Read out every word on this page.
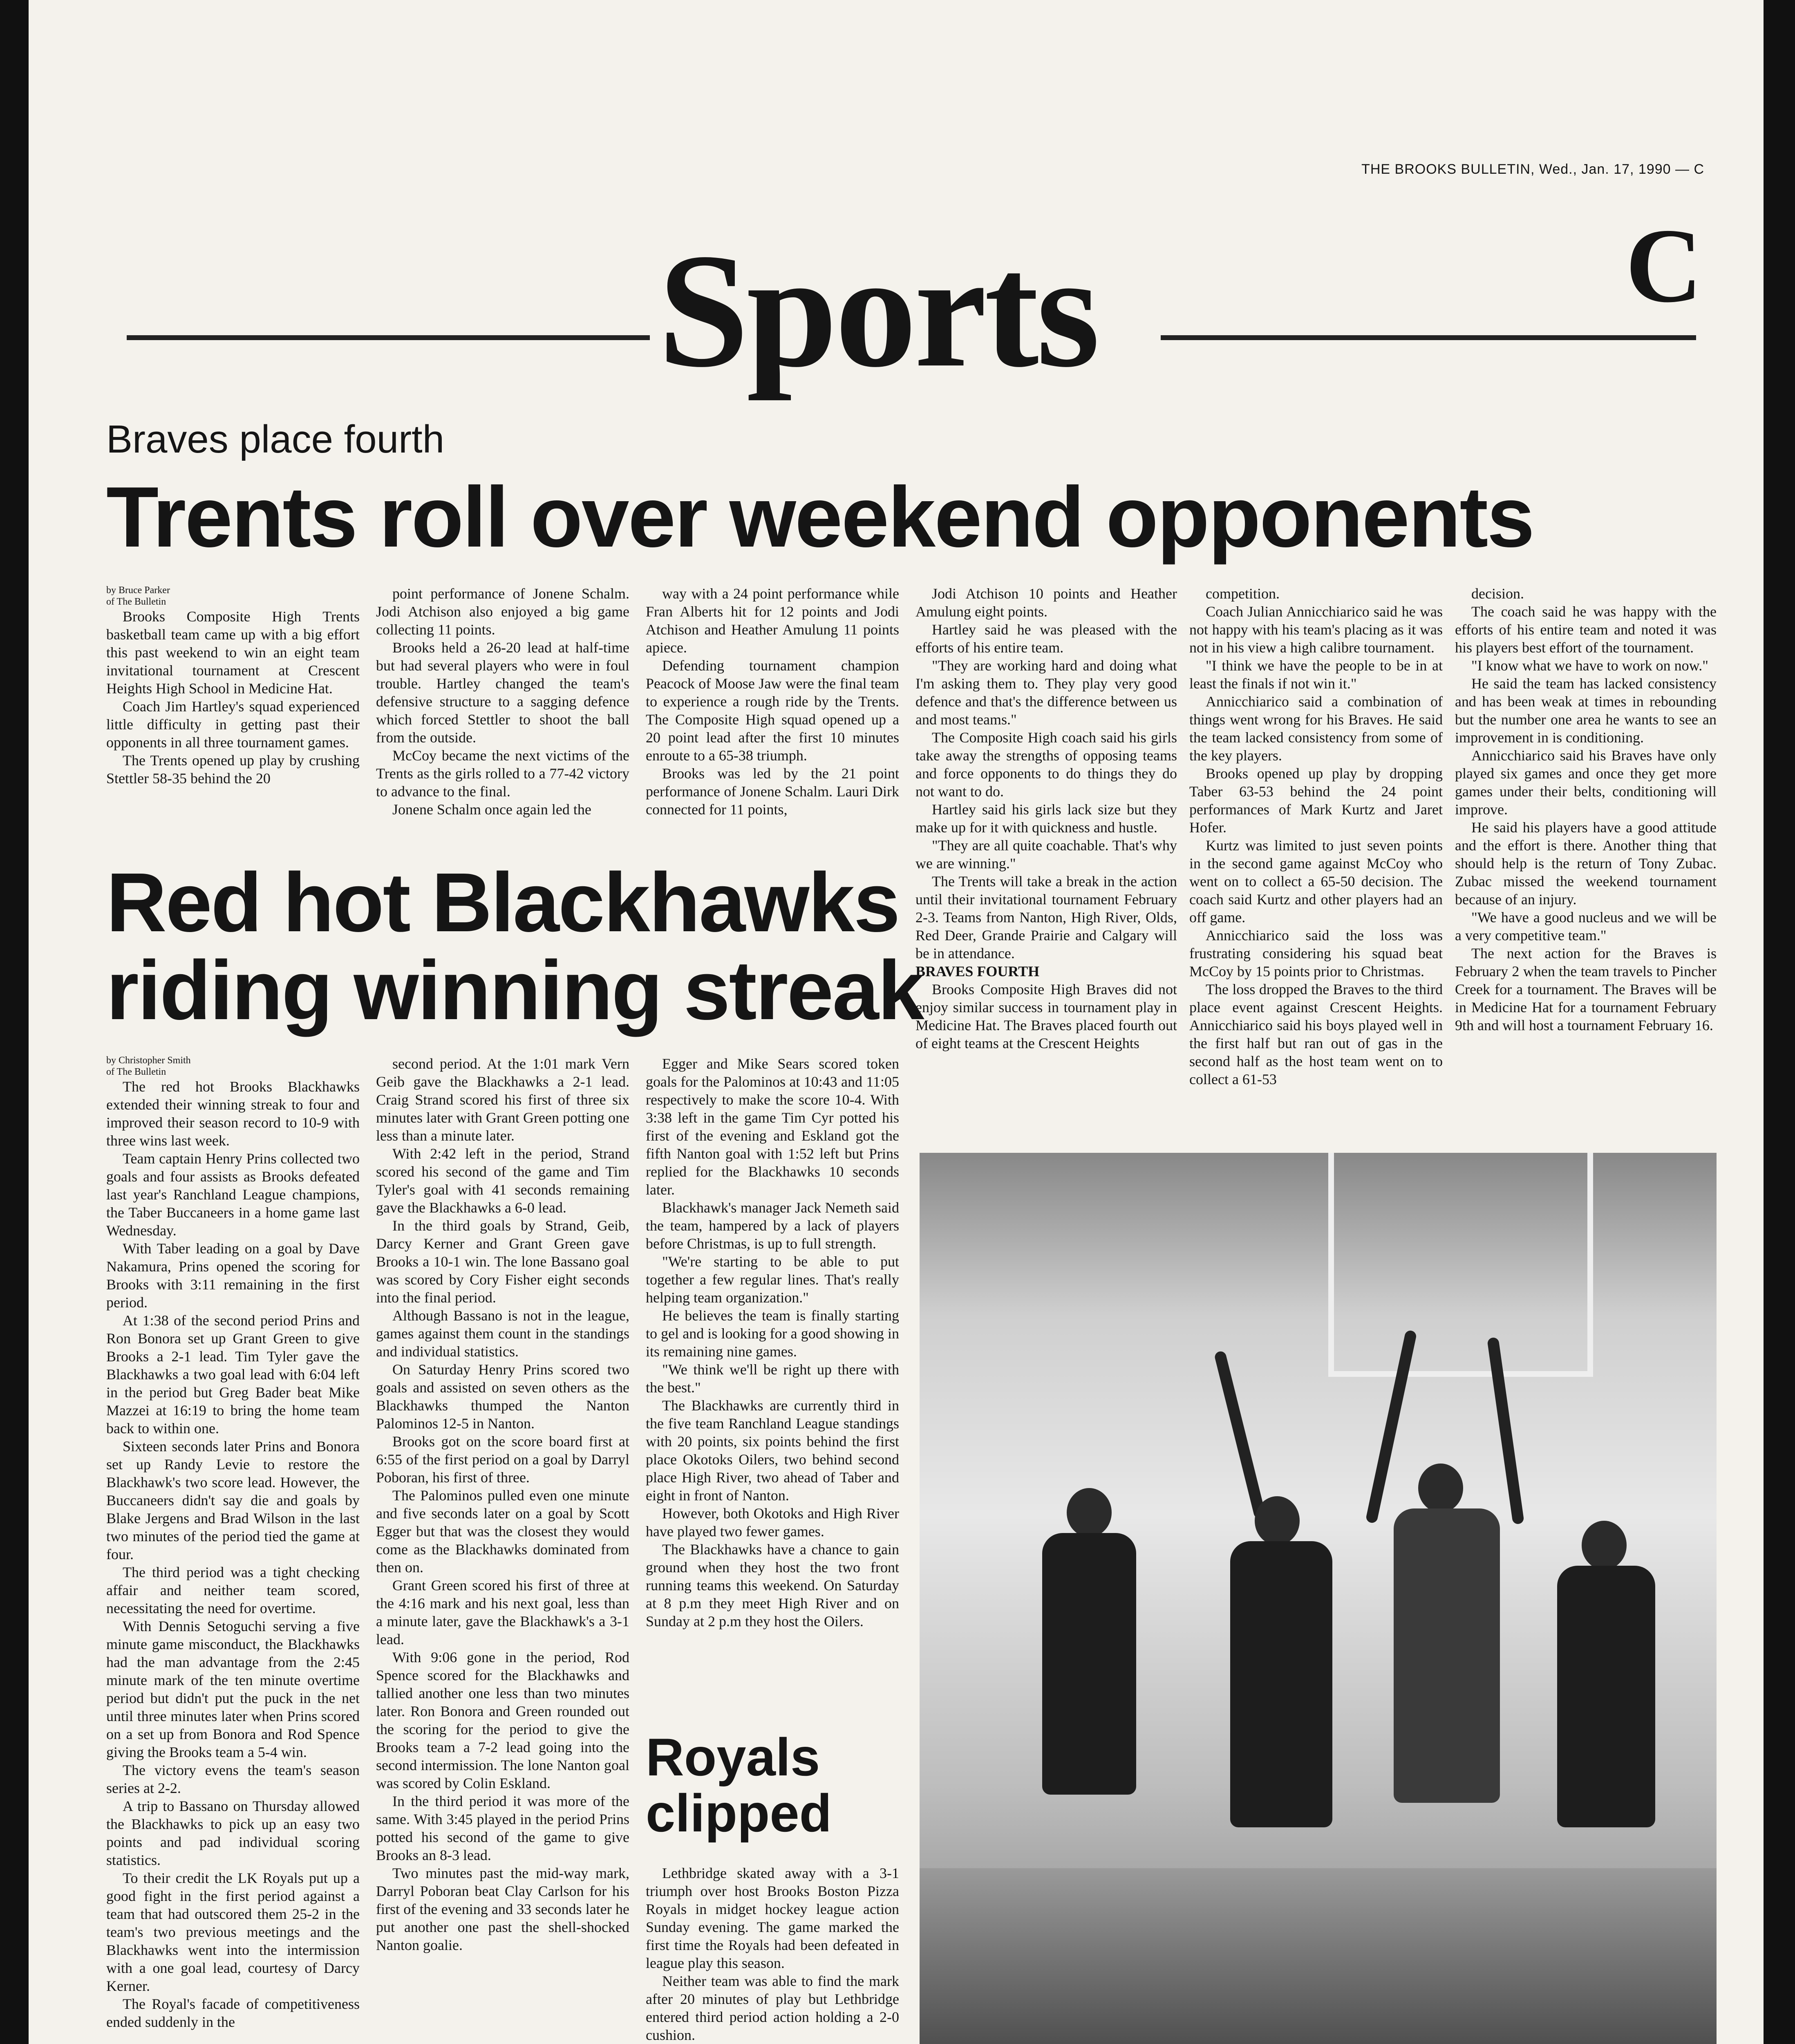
THE BROOKS BULLETIN, Wed., Jan. 17, 1990 — C
Sports	C
Braves place fourth
Trents roll over weekend opponents
by Bruce Parker
of The Bulletin

Brooks Composite High Trents basketball team came up with a big effort this past weekend to win an eight team invitational tournament at Crescent Heights High School in Medicine Hat.

Coach Jim Hartley's squad experienced little difficulty in getting past their opponents in all three tournament games.

The Trents opened up play by crushing Stettler 58-35 behind the 20

point performance of Jonene Schalm. Jodi Atchison also enjoyed a big game collecting 11 points.

Brooks held a 26-20 lead at half-time but had several players who were in foul trouble. Hartley changed the team's defensive structure to a sagging defence which forced Stettler to shoot the ball from the outside.

McCoy became the next victims of the Trents as the girls rolled to a 77-42 victory to advance to the final.

Jonene Schalm once again led the

way with a 24 point performance while Fran Alberts hit for 12 points and Jodi Atchison and Heather Amulung 11 points apiece.

Defending tournament champion Peacock of Moose Jaw were the final team to experience a rough ride by the Trents. The Composite High squad opened up a 20 point lead after the first 10 minutes enroute to a 65-38 triumph.

Brooks was led by the 21 point performance of Jonene Schalm. Lauri Dirk connected for 11 points,

Jodi Atchison 10 points and Heather Amulung eight points.

Hartley said he was pleased with the efforts of his entire team.

"They are working hard and doing what I'm asking them to. They play very good defence and that's the difference between us and most teams."

The Composite High coach said his girls take away the strengths of opposing teams and force opponents to do things they do not want to do.

Hartley said his girls lack size but they make up for it with quickness and hustle.

"They are all quite coachable. That's why we are winning."

The Trents will take a break in the action until their invitational tournament February 2-3. Teams from Nanton, High River, Olds, Red Deer, Grande Prairie and Calgary will be in attendance.

BRAVES FOURTH

Brooks Composite High Braves did not enjoy similar success in tournament play in Medicine Hat. The Braves placed fourth out of eight teams at the Crescent Heights

competition.

Coach Julian Annicchiarico said he was not happy with his team's placing as it was not in his view a high calibre tournament.

"I think we have the people to be in at least the finals if not win it."

Annicchiarico said a combination of things went wrong for his Braves. He said the team lacked consistency from some of the key players.

Brooks opened up play by dropping Taber 63-53 behind the 24 point performances of Mark Kurtz and Jaret Hofer.

Kurtz was limited to just seven points in the second game against McCoy who went on to collect a 65-50 decision. The coach said Kurtz and other players had an off game.

Annicchiarico said the loss was frustrating considering his squad beat McCoy by 15 points prior to Christmas.

The loss dropped the Braves to the third place event against Crescent Heights. Annicchiarico said his boys played well in the first half but ran out of gas in the second half as the host team went on to collect a 61-53

decision.

The coach said he was happy with the efforts of his entire team and noted it was his players best effort of the tournament.

"I know what we have to work on now."

He said the team has lacked consistency and has been weak at times in rebounding but the number one area he wants to see an improvement in is conditioning.

Annicchiarico said his Braves have only played six games and once they get more games under their belts, conditioning will improve.

He said his players have a good attitude and the effort is there. Another thing that should help is the return of Tony Zubac. Zubac missed the weekend tournament because of an injury.

"We have a good nucleus and we will be a very competitive team."

The next action for the Braves is February 2 when the team travels to Pincher Creek for a tournament. The Braves will be in Medicine Hat for a tournament February 9th and will host a tournament February 16.

Red hot Blackhawks riding winning streak
by Christopher Smith
of The Bulletin

The red hot Brooks Blackhawks extended their winning streak to four and improved their season record to 10-9 with three wins last week.

Team captain Henry Prins collected two goals and four assists as Brooks defeated last year's Ranchland League champions, the Taber Buccaneers in a home game last Wednesday.

With Taber leading on a goal by Dave Nakamura, Prins opened the scoring for Brooks with 3:11 remaining in the first period.

At 1:38 of the second period Prins and Ron Bonora set up Grant Green to give Brooks a 2-1 lead. Tim Tyler gave the Blackhawks a two goal lead with 6:04 left in the period but Greg Bader beat Mike Mazzei at 16:19 to bring the home team back to within one.

Sixteen seconds later Prins and Bonora set up Randy Levie to restore the Blackhawk's two score lead. However, the Buccaneers didn't say die and goals by Blake Jergens and Brad Wilson in the last two minutes of the period tied the game at four.

The third period was a tight checking affair and neither team scored, necessitating the need for overtime.

With Dennis Setoguchi serving a five minute game misconduct, the Blackhawks had the man advantage from the 2:45 minute mark of the ten minute overtime period but didn't put the puck in the net until three minutes later when Prins scored on a set up from Bonora and Rod Spence giving the Brooks team a 5-4 win.

The victory evens the team's season series at 2-2.

A trip to Bassano on Thursday allowed the Blackhawks to pick up an easy two points and pad individual scoring statistics.

To their credit the LK Royals put up a good fight in the first period against a team that had outscored them 25-2 in the team's two previous meetings and the Blackhawks went into the intermission with a one goal lead, courtesy of Darcy Kerner.

The Royal's facade of competitiveness ended suddenly in the

second period. At the 1:01 mark Vern Geib gave the Blackhawks a 2-1 lead. Craig Strand scored his first of three six minutes later with Grant Green potting one less than a minute later.

With 2:42 left in the period, Strand scored his second of the game and Tim Tyler's goal with 41 seconds remaining gave the Blackhawks a 6-0 lead.

In the third goals by Strand, Geib, Darcy Kerner and Grant Green gave Brooks a 10-1 win. The lone Bassano goal was scored by Cory Fisher eight seconds into the final period.

Although Bassano is not in the league, games against them count in the standings and individual statistics.

On Saturday Henry Prins scored two goals and assisted on seven others as the Blackhawks thumped the Nanton Palominos 12-5 in Nanton.

Brooks got on the score board first at 6:55 of the first period on a goal by Darryl Poboran, his first of three.

The Palominos pulled even one minute and five seconds later on a goal by Scott Egger but that was the closest they would come as the Blackhawks dominated from then on.

Grant Green scored his first of three at the 4:16 mark and his next goal, less than a minute later, gave the Blackhawk's a 3-1 lead.

With 9:06 gone in the period, Rod Spence scored for the Blackhawks and tallied another one less than two minutes later. Ron Bonora and Green rounded out the scoring for the period to give the Brooks team a 7-2 lead going into the second intermission. The lone Nanton goal was scored by Colin Eskland.

In the third period it was more of the same. With 3:45 played in the period Prins potted his second of the game to give Brooks an 8-3 lead.

Two minutes past the mid-way mark, Darryl Poboran beat Clay Carlson for his first of the evening and 33 seconds later he put another one past the shell-shocked Nanton goalie.

Egger and Mike Sears scored token goals for the Palominos at 10:43 and 11:05 respectively to make the score 10-4. With 3:38 left in the game Tim Cyr potted his first of the evening and Eskland got the fifth Nanton goal with 1:52 left but Prins replied for the Blackhawks 10 seconds later.

Blackhawk's manager Jack Nemeth said the team, hampered by a lack of players before Christmas, is up to full strength.

"We're starting to be able to put together a few regular lines. That's really helping team organization."

He believes the team is finally starting to gel and is looking for a good showing in its remaining nine games.

"We think we'll be right up there with the best."

The Blackhawks are currently third in the five team Ranchland League standings with 20 points, six points behind the first place Okotoks Oilers, two behind second place High River, two ahead of Taber and eight in front of Nanton.

However, both Okotoks and High River have played two fewer games.

The Blackhawks have a chance to gain ground when they host the two front running teams this weekend. On Saturday at 8 p.m they meet High River and on Sunday at 2 p.m they host the Oilers.

Royals clipped

Lethbridge skated away with a 3-1 triumph over host Brooks Boston Pizza Royals in midget hockey league action Sunday evening. The game marked the first time the Royals had been defeated in league play this season.

Neither team was able to find the mark after 20 minutes of play but Lethbridge entered third period action holding a 2-0 cushion.
